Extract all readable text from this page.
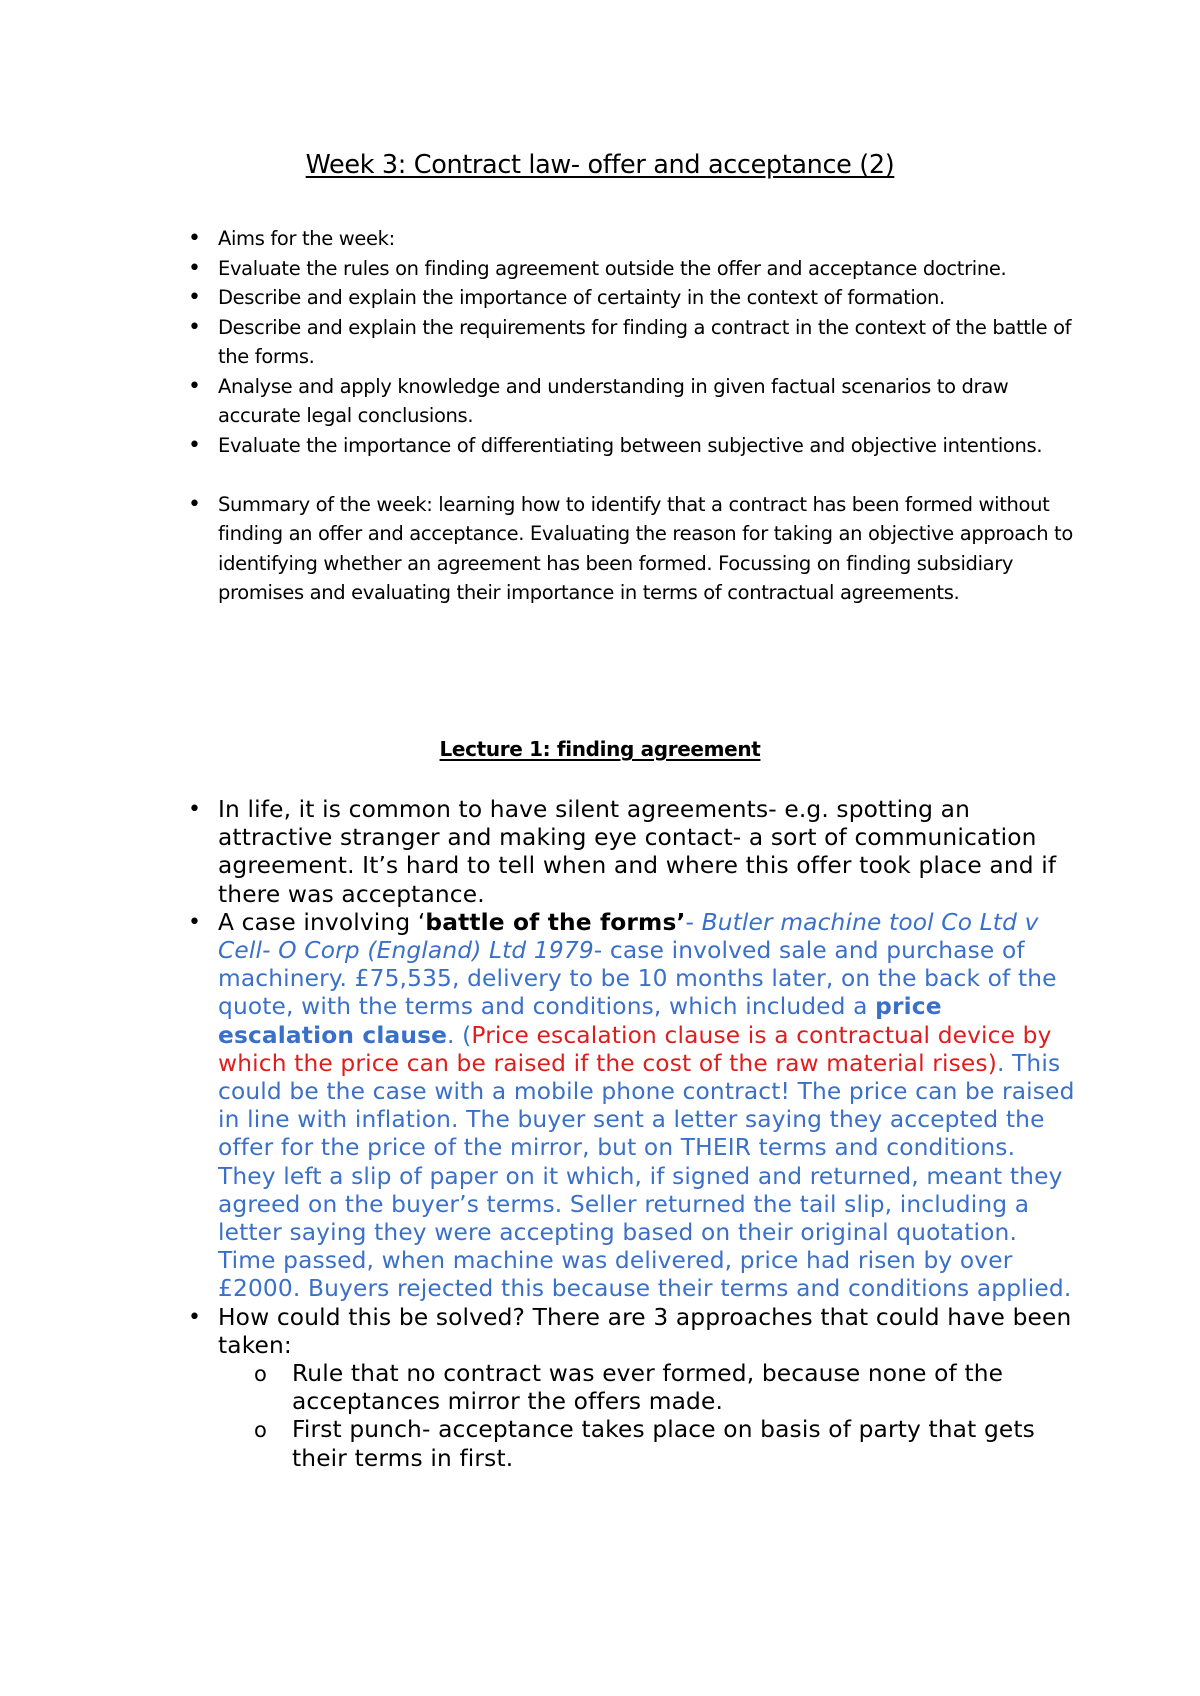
Week 3: Contract law- offer and acceptance (2)
• Aims for the week:
• Evaluate the rules on finding agreement outside the offer and acceptance doctrine.
• Describe and explain the importance of certainty in the context of formation.
• Describe and explain the requirements for finding a contract in the context of the battle of the forms.
• Analyse and apply knowledge and understanding in given factual scenarios to draw accurate legal conclusions.
• Evaluate the importance of differentiating between subjective and objective intentions.
• Summary of the week: learning how to identify that a contract has been formed without finding an offer and acceptance. Evaluating the reason for taking an objective approach to identifying whether an agreement has been formed. Focussing on finding subsidiary promises and evaluating their importance in terms of contractual agreements.
Lecture 1: finding agreement
• In life, it is common to have silent agreements- e.g. spotting an attractive stranger and making eye contact- a sort of communication agreement. It’s hard to tell when and where this offer took place and if there was acceptance.
• A case involving ‘battle of the forms’- Butler machine tool Co Ltd v Cell- O Corp (England) Ltd 1979- case involved sale and purchase of machinery. £75,535, delivery to be 10 months later, on the back of the quote, with the terms and conditions, which included a price escalation clause. (Price escalation clause is a contractual device by which the price can be raised if the cost of the raw material rises). This could be the case with a mobile phone contract! The price can be raised in line with inflation. The buyer sent a letter saying they accepted the offer for the price of the mirror, but on THEIR terms and conditions. They left a slip of paper on it which, if signed and returned, meant they agreed on the buyer’s terms. Seller returned the tail slip, including a letter saying they were accepting based on their original quotation. Time passed, when machine was delivered, price had risen by over £2000. Buyers rejected this because their terms and conditions applied.
• How could this be solved? There are 3 approaches that could have been taken:
o Rule that no contract was ever formed, because none of the acceptances mirror the offers made.
o First punch- acceptance takes place on basis of party that gets their terms in first.
